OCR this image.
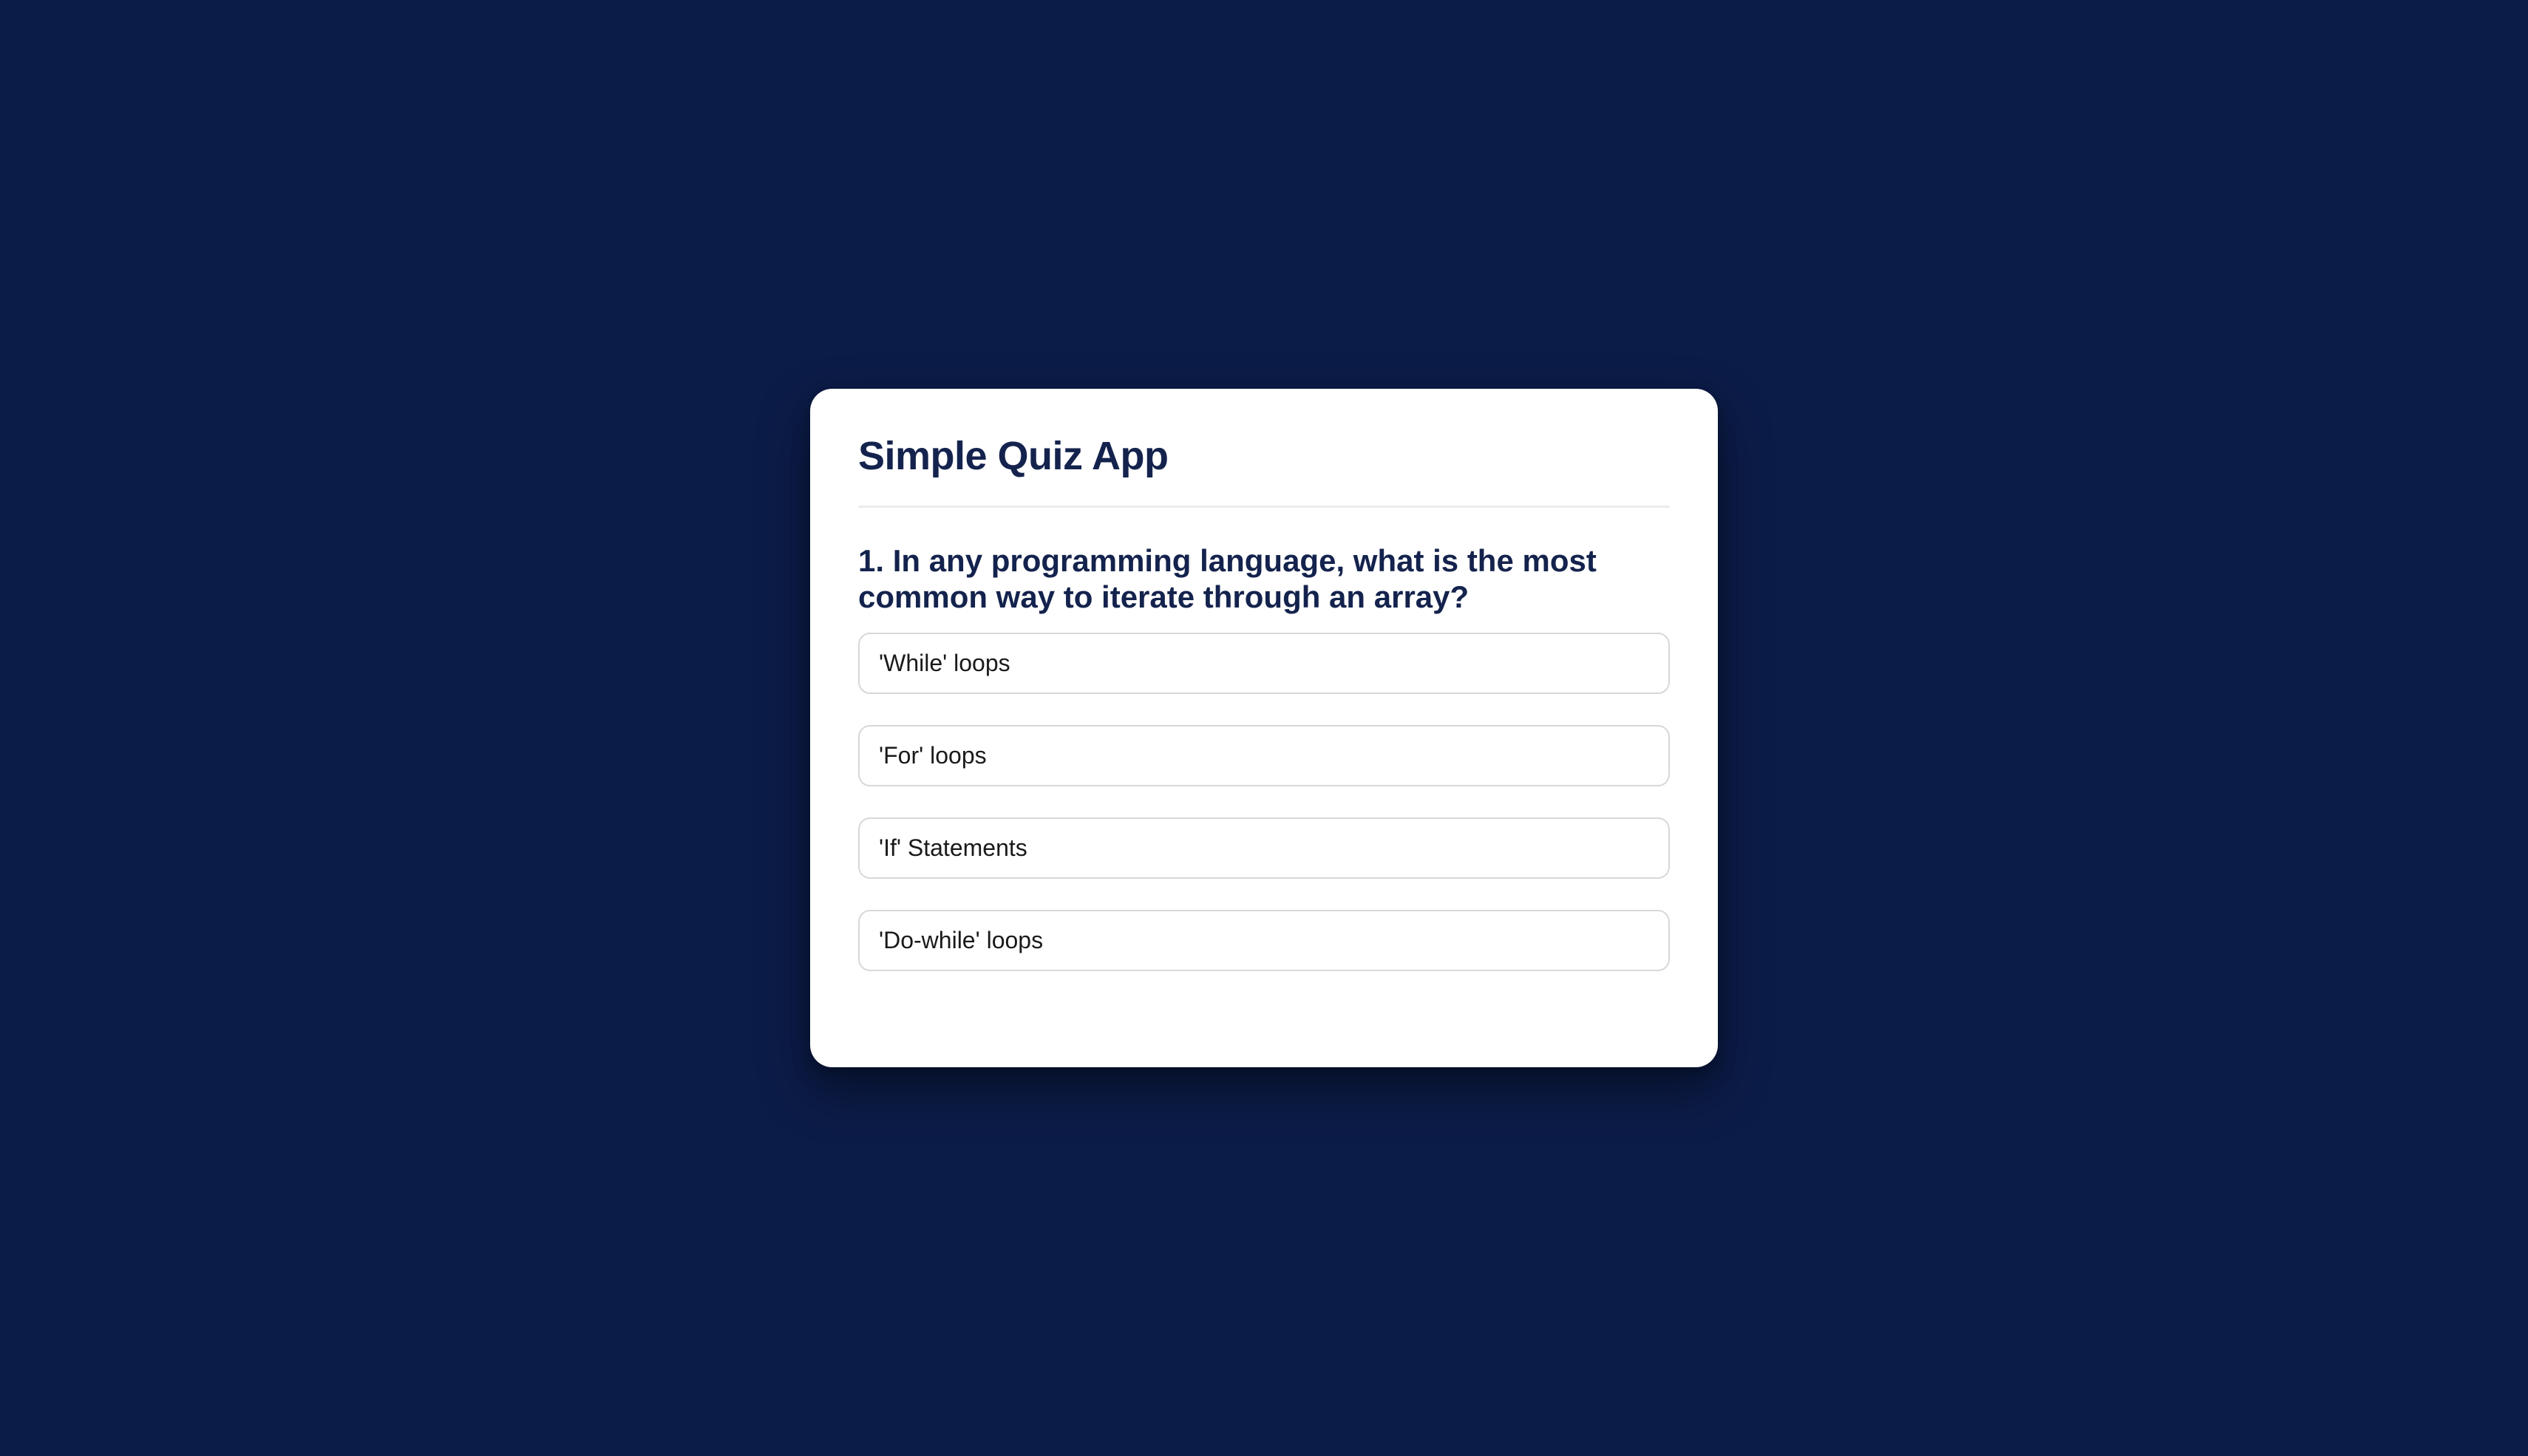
Simple Quiz App
1. In any programming language, what is the most common way to iterate through an array?
'While' loops
'For' loops
'If' Statements
'Do-while' loops
